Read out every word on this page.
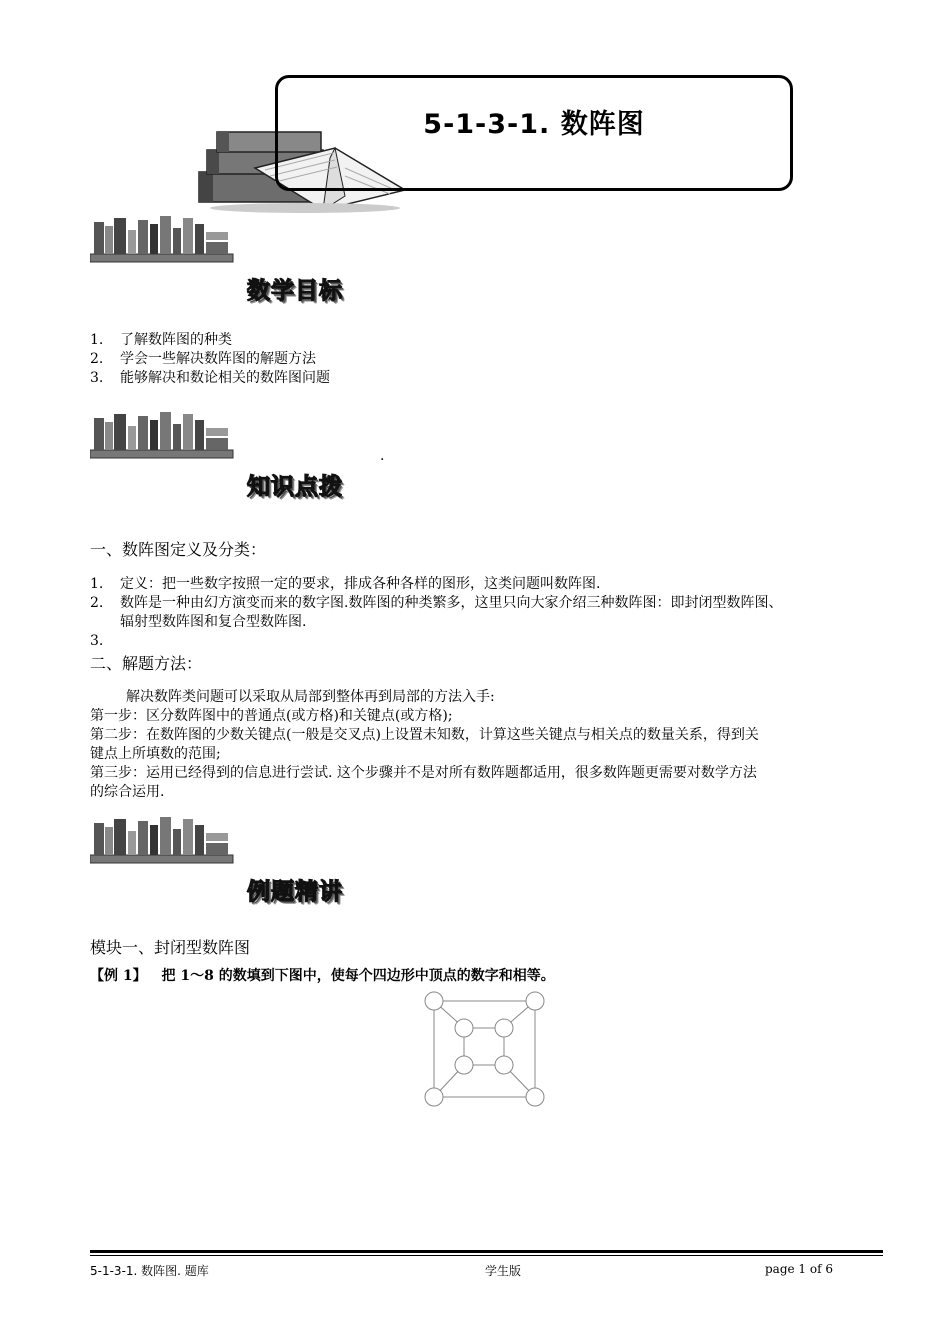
5-1-3-1. 数阵图
数学目标
1. 了解数阵图的种类
2. 学会一些解决数阵图的解题方法
3. 能够解决和数论相关的数阵图问题
.
知识点拨
一、数阵图定义及分类：
1. 定义：把一些数字按照一定的要求，排成各种各样的图形，这类问题叫数阵图.
2. 数阵是一种由幻方演变而来的数字图.数阵图的种类繁多，这里只向大家介绍三种数阵图：即封闭型数阵图、
辐射型数阵图和复合型数阵图.
3.
二、解题方法：
解决数阵类问题可以采取从局部到整体再到局部的方法入手:
第一步：区分数阵图中的普通点(或方格)和关键点(或方格);
第二步：在数阵图的少数关键点(一般是交叉点)上设置未知数，计算这些关键点与相关点的数量关系，得到关
键点上所填数的范围;
第三步：运用已经得到的信息进行尝试. 这个步骤并不是对所有数阵题都适用，很多数阵题更需要对数学方法
的综合运用.
例题精讲
模块一、封闭型数阵图
【例 1】 把 1～8 的数填到下图中，使每个四边形中顶点的数字和相等。
5-1-3-1. 数阵图. 题库	学生版	page 1 of 6
